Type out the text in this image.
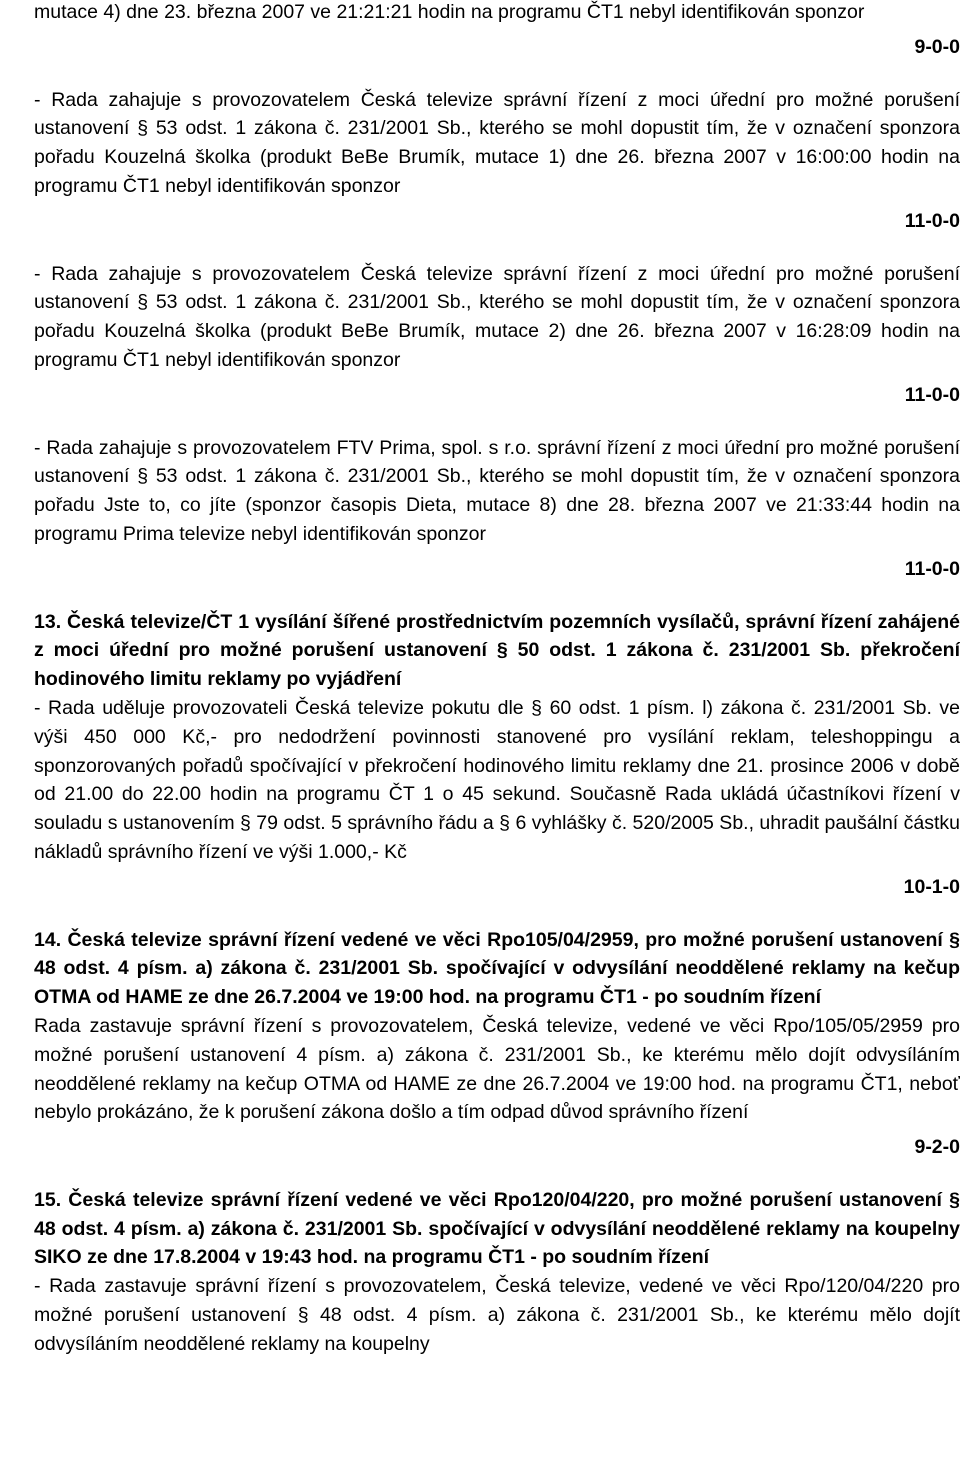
mutace 4) dne 23. března 2007 ve 21:21:21 hodin na programu ČT1 nebyl identifikován sponzor

9-0-0

- Rada zahajuje s provozovatelem Česká televize správní řízení z moci úřední pro možné porušení ustanovení § 53 odst. 1 zákona č. 231/2001 Sb., kterého se mohl dopustit tím, že v označení sponzora pořadu Kouzelná školka (produkt BeBe Brumík, mutace 1) dne 26. března 2007 v 16:00:00 hodin na programu ČT1 nebyl identifikován sponzor

11-0-0

- Rada zahajuje s provozovatelem Česká televize správní řízení z moci úřední pro možné porušení ustanovení § 53 odst. 1 zákona č. 231/2001 Sb., kterého se mohl dopustit tím, že v označení sponzora pořadu Kouzelná školka (produkt BeBe Brumík, mutace 2) dne 26. března 2007 v 16:28:09 hodin na programu ČT1 nebyl identifikován sponzor

11-0-0

- Rada zahajuje s provozovatelem FTV Prima, spol. s r.o. správní řízení z moci úřední pro možné porušení ustanovení § 53 odst. 1 zákona č. 231/2001 Sb., kterého se mohl dopustit tím, že v označení sponzora pořadu Jste to, co jíte (sponzor časopis Dieta, mutace 8) dne 28. března 2007 ve 21:33:44 hodin na programu Prima televize nebyl identifikován sponzor

11-0-0

13. Česká televize/ČT 1 vysílání šířené prostřednictvím pozemních vysílačů, správní řízení zahájené z moci úřední pro možné porušení ustanovení § 50 odst. 1 zákona č. 231/2001 Sb. překročení hodinového limitu reklamy po vyjádření

- Rada uděluje provozovateli Česká televize pokutu dle § 60 odst. 1 písm. l) zákona č. 231/2001 Sb. ve výši 450 000 Kč,- pro nedodržení povinnosti stanovené pro vysílání reklam, teleshoppingu a sponzorovaných pořadů spočívající v překročení hodinového limitu reklamy dne 21. prosince 2006 v době od 21.00 do 22.00 hodin na programu ČT 1 o 45 sekund. Současně Rada ukládá účastníkovi řízení v souladu s ustanovením § 79 odst. 5 správního řádu a § 6 vyhlášky č. 520/2005 Sb., uhradit paušální částku nákladů správního řízení ve výši 1.000,- Kč

10-1-0

14. Česká televize správní řízení vedené ve věci Rpo105/04/2959, pro možné porušení ustanovení § 48 odst. 4 písm. a) zákona č. 231/2001 Sb. spočívající v odvysílání neoddělené reklamy na kečup OTMA od HAME ze dne 26.7.2004 ve 19:00 hod. na programu ČT1 - po soudním řízení

Rada zastavuje správní řízení s provozovatelem, Česká televize, vedené ve věci Rpo/105/05/2959 pro možné porušení ustanovení 4 písm. a) zákona č. 231/2001 Sb., ke kterému mělo dojít odvysíláním neoddělené reklamy na kečup OTMA od HAME ze dne 26.7.2004 ve 19:00 hod. na programu ČT1, neboť nebylo prokázáno, že k porušení zákona došlo a tím odpad důvod správního řízení

9-2-0

15. Česká televize správní řízení vedené ve věci Rpo120/04/220, pro možné porušení ustanovení § 48 odst. 4 písm. a) zákona č. 231/2001 Sb. spočívající v odvysílání neoddělené reklamy na koupelny SIKO ze dne 17.8.2004 v 19:43 hod. na programu ČT1 - po soudním řízení

- Rada zastavuje správní řízení s provozovatelem, Česká televize, vedené ve věci Rpo/120/04/220 pro možné porušení ustanovení § 48 odst. 4 písm. a) zákona č. 231/2001 Sb., ke kterému mělo dojít odvysíláním neoddělené reklamy na koupelny
